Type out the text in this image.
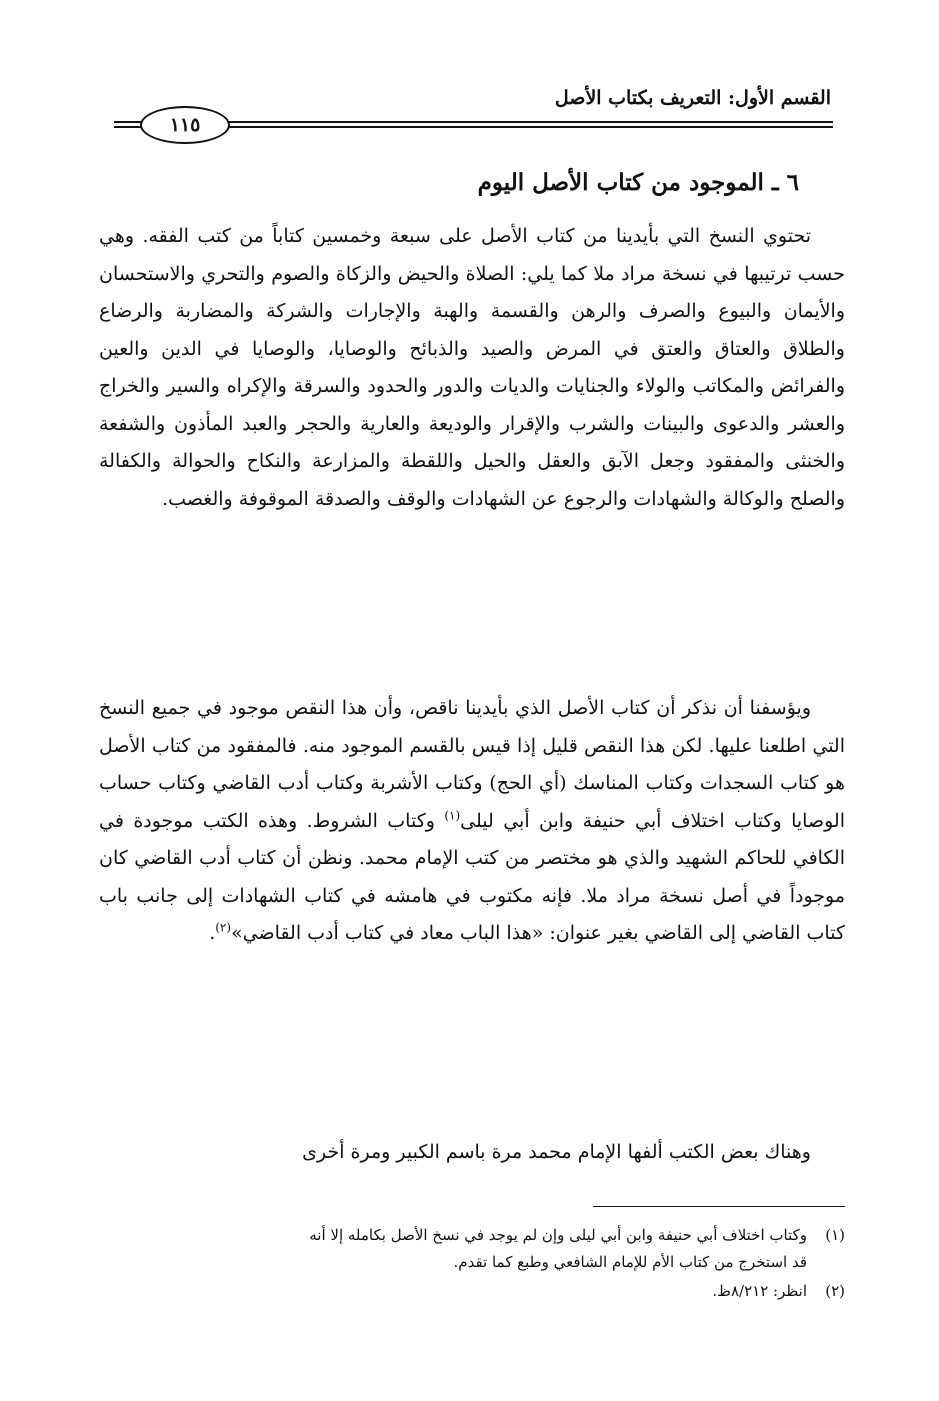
القسم الأول: التعريف بكتاب الأصل
١١٥
٦ ـ الموجود من كتاب الأصل اليوم
تحتوي النسخ التي بأيدينا من كتاب الأصل على سبعة وخمسين كتاباً من كتب الفقه. وهي حسب ترتيبها في نسخة مراد ملا كما يلي: الصلاة والحيض والزكاة والصوم والتحري والاستحسان والأيمان والبيوع والصرف والرهن والقسمة والهبة والإجارات والشركة والمضاربة والرضاع والطلاق والعتاق والعتق في المرض والصيد والذبائح والوصايا، والوصايا في الدين والعين والفرائض والمكاتب والولاء والجنايات والديات والدور والحدود والسرقة والإكراه والسير والخراج والعشر والدعوى والبينات والشرب والإقرار والوديعة والعارية والحجر والعبد المأذون والشفعة والخنثى والمفقود وجعل الآبق والعقل والحيل واللقطة والمزارعة والنكاح والحوالة والكفالة والصلح والوكالة والشهادات والرجوع عن الشهادات والوقف والصدقة الموقوفة والغصب.
ويؤسفنا أن نذكر أن كتاب الأصل الذي بأيدينا ناقص، وأن هذا النقص موجود في جميع النسخ التي اطلعنا عليها. لكن هذا النقص قليل إذا قيس بالقسم الموجود منه. فالمفقود من كتاب الأصل هو كتاب السجدات وكتاب المناسك (أي الحج) وكتاب الأشربة وكتاب أدب القاضي وكتاب حساب الوصايا وكتاب اختلاف أبي حنيفة وابن أبي ليلى$^{(١)}$ وكتاب الشروط. وهذه الكتب موجودة في الكافي للحاكم الشهيد والذي هو مختصر من كتب الإمام محمد. ونظن أن كتاب أدب القاضي كان موجوداً في أصل نسخة مراد ملا. فإنه مكتوب في هامشه في كتاب الشهادات إلى جانب باب كتاب القاضي إلى القاضي بغير عنوان: «هذا الباب معاد في كتاب أدب القاضي»$^{(٢)}$.
وهناك بعض الكتب ألفها الإمام محمد مرة باسم الكبير ومرة أخرى
(١)وكتاب اختلاف أبي حنيفة وابن أبي ليلى وإن لم يوجد في نسخ الأصل بكامله إلا أنه
قد استخرج من كتاب الأم للإمام الشافعي وطبع كما تقدم.
(٢)انظر: ٨/٢١٢ظ.
